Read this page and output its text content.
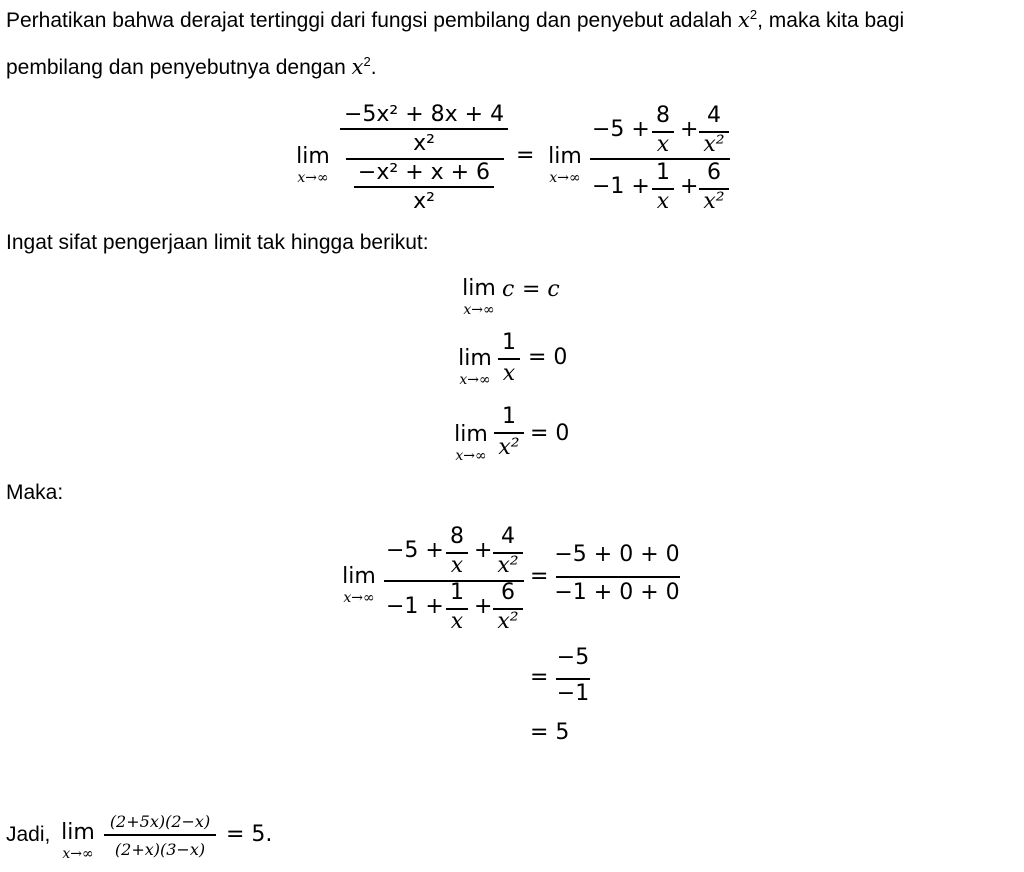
Perhatikan bahwa derajat tertinggi dari fungsi pembilang dan penyebut adalah $x^2$, maka kita bagi
pembilang dan penyebutnya dengan $x^2$.
lim
x→∞
−5x² + 8x + 4
x²
−x² + x + 6
x²
= lim
x→∞
−5 +
8
x
+
4
x²
−1 +
1
x
+
6
x²
Ingat sifat pengerjaan limit tak hingga berikut:
lim
x→∞
c = c
lim
x→∞
1
x
= 0
lim
x→∞
1
x²
= 0
Maka:
lim
x→∞
−5 +
8
x
+
4
x²
−1 +
1
x
+
6
x²
=
−5 + 0 + 0
−1 + 0 + 0
=
−5
−1
= 5
Jadi, lim
x→∞
(2+5x)(2−x)
(2+x)(3−x)
= 5.
